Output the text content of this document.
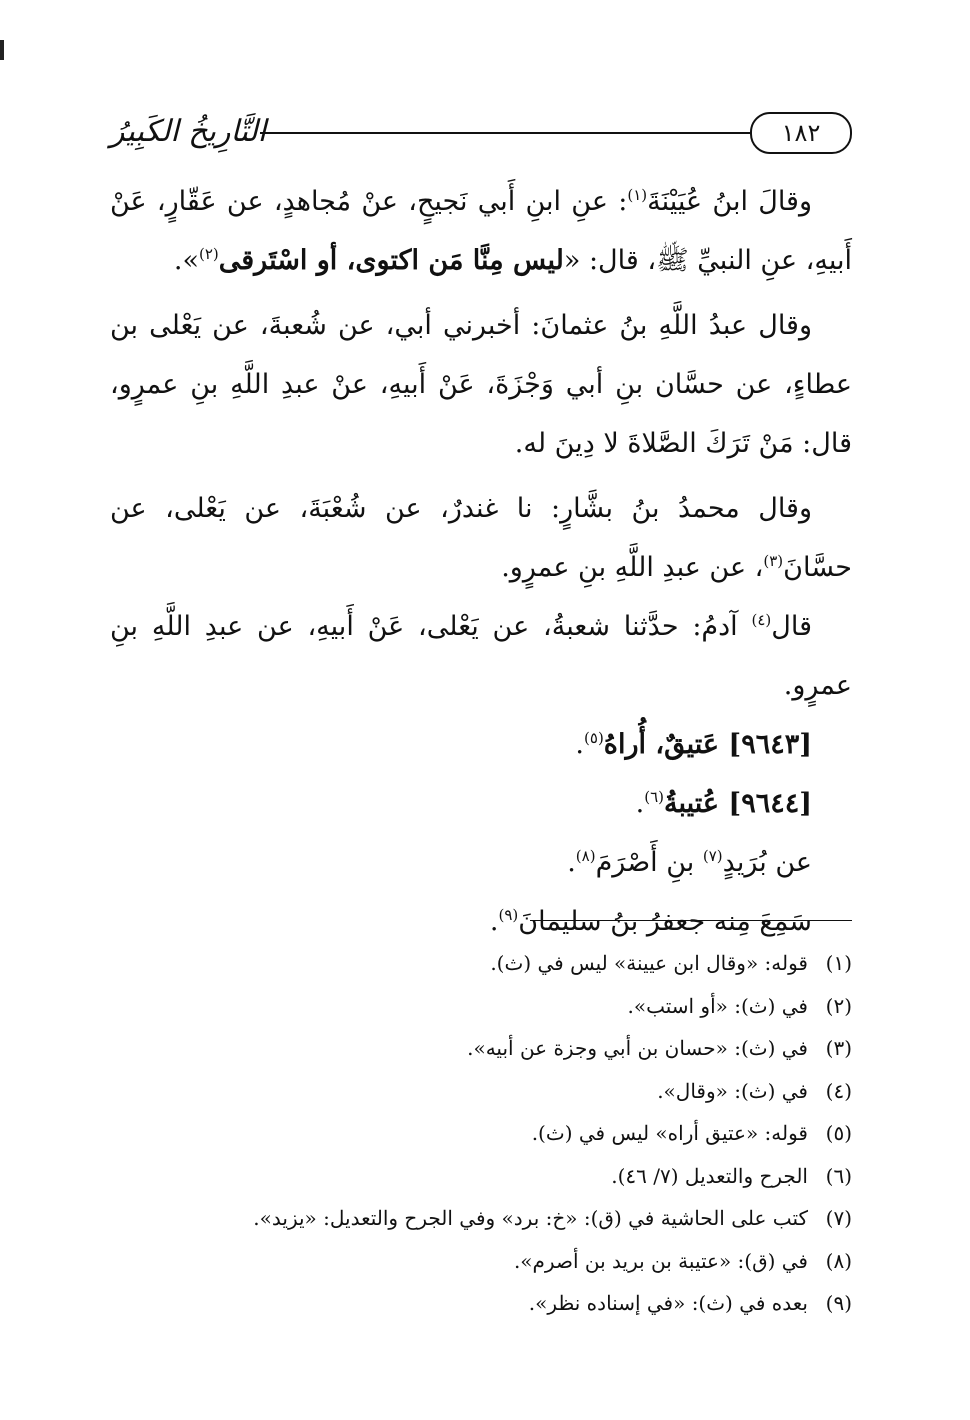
١٨٢
التَّارِيخُ الكَبِيرُ

وقالَ ابنُ عُيَيْنَةَ$^{(١)}$: عنِ ابنِ أَبي نَجيحٍ، عنْ مُجاهدٍ، عن عَقّارٍ، عَنْ أَبيهِ، عنِ النبيِّ ﷺ، قال: «ليس مِنَّا مَن اكتوى، أو اسْتَرقى$^{(٢)}$».

وقال عبدُ اللَّهِ بنُ عثمانَ: أخبرني أبي، عن شُعبةَ، عن يَعْلى بن عطاءٍ، عن حسَّان بنِ أبي وَجْزَةَ، عَنْ أَبيهِ، عنْ عبدِ اللَّهِ بنِ عمرٍو، قال: مَنْ تَرَكَ الصَّلاةَ لا دِينَ له.

وقال محمدُ بنُ بشَّارٍ: نا غندرٌ، عن شُعْبَةَ، عن يَعْلى، عن حسَّانَ$^{(٣)}$، عن عبدِ اللَّهِ بنِ عمرٍو.

قال$^{(٤)}$ آدمُ: حدَّثنا شعبةُ، عن يَعْلى، عَنْ أَبيهِ، عن عبدِ اللَّهِ بنِ عمرٍو.

[٩٦٤٣] عَتيقٌ، أُراهُ$^{(٥)}$.

[٩٦٤٤] عُتيبةُ$^{(٦)}$.

عن بُرَيدٍ$^{(٧)}$ بنِ أَصْرَمَ$^{(٨)}$.

سَمِعَ مِنه جعفرُ بنُ سليمانَ$^{(٩)}$.

(١)قوله: «وقال ابن عيينة» ليس في (ث).
(٢)في (ث): «أو استب».
(٣)في (ث): «حسان بن أبي وجزة عن أبيه».
(٤)في (ث): «وقال».
(٥)قوله: «عتيق أراه» ليس في (ث).
(٦)الجرح والتعديل (٧/ ٤٦).
(٧)كتب على الحاشية في (ق): «خ: برد» وفي الجرح والتعديل: «يزيد».
(٨)في (ق): «عتيبة بن بريد بن أصرم».
(٩)بعده في (ث): «في إسناده نظر».
